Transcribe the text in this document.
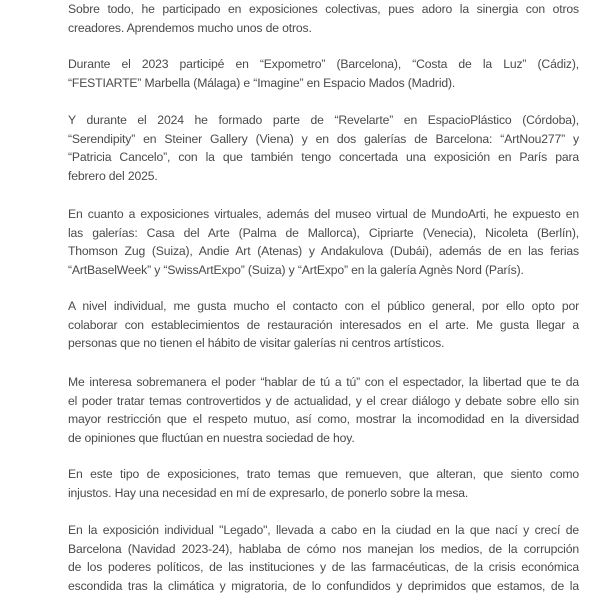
Sobre todo, he participado en exposiciones colectivas, pues adoro la sinergia con otros
creadores. Aprendemos mucho unos de otros.

Durante el 2023 participé en “Expometro” (Barcelona), “Costa de la Luz” (Cádiz),
“FESTIARTE” Marbella (Málaga) e “Imagine” en Espacio Mados (Madrid).

Y durante el 2024 he formado parte de “Revelarte” en EspacioPlástico (Córdoba),
“Serendipity” en Steiner Gallery (Viena) y en dos galerías de Barcelona: “ArtNou277” y
“Patricia Cancelo”, con la que también tengo concertada una exposición en París para
febrero del 2025.

En cuanto a exposiciones virtuales, además del museo virtual de MundoArti, he expuesto en
las galerías: Casa del Arte (Palma de Mallorca), Cipriarte (Venecia), Nicoleta (Berlín),
Thomson Zug (Suiza), Andie Art (Atenas) y Andakulova (Dubái), además de en las ferias
“ArtBaselWeek” y “SwissArtExpo” (Suiza) y “ArtExpo” en la galería Agnès Nord (París).

A nivel individual, me gusta mucho el contacto con el público general, por ello opto por
colaborar con establecimientos de restauración interesados en el arte. Me gusta llegar a
personas que no tienen el hábito de visitar galerías ni centros artísticos.

Me interesa sobremanera el poder “hablar de tú a tú” con el espectador, la libertad que te da
el poder tratar temas controvertidos y de actualidad, y el crear diálogo y debate sobre ello sin
mayor restricción que el respeto mutuo, así como, mostrar la incomodidad en la diversidad
de opiniones que fluctúan en nuestra sociedad de hoy.

En este tipo de exposiciones, trato temas que remueven, que alteran, que siento como
injustos. Hay una necesidad en mí de expresarlo, de ponerlo sobre la mesa.

En la exposición individual "Legado", llevada a cabo en la ciudad en la que nací y crecí de
Barcelona (Navidad 2023-24), hablaba de cómo nos manejan los medios, de la corrupción
de los poderes políticos, de las instituciones y de las farmacéuticas, de la crisis económica
escondida tras la climática y migratoria, de lo confundidos y deprimidos que estamos, de la
